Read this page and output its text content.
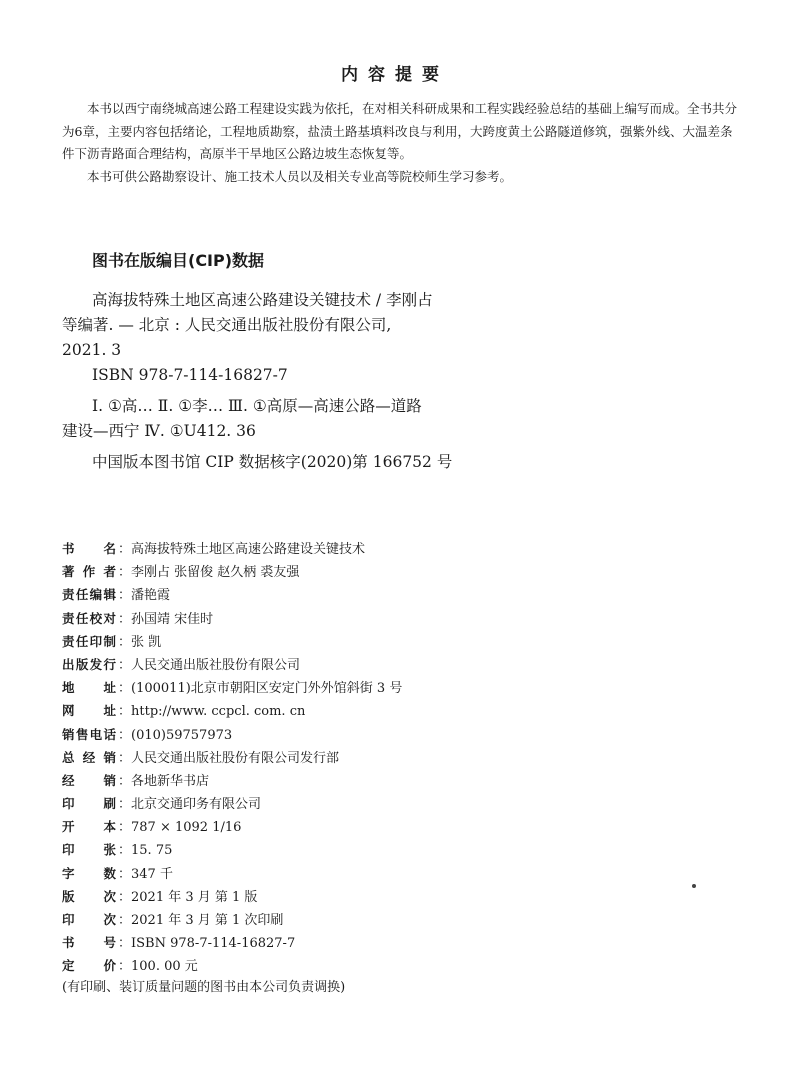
内容提要

本书以西宁南绕城高速公路工程建设实践为依托，在对相关科研成果和工程实践经验总结的基础上编写而成。全书共分为6章，主要内容包括绪论，工程地质勘察，盐渍土路基填料改良与利用，大跨度黄土公路隧道修筑，强紫外线、大温差条件下沥青路面合理结构，高原半干旱地区公路边坡生态恢复等。

本书可供公路勘察设计、施工技术人员以及相关专业高等院校师生学习参考。

图书在版编目(CIP)数据
高海拔特殊土地区高速公路建设关键技术 / 李刚占
等编著. — 北京 : 人民交通出版社股份有限公司,
2021. 3
ISBN 978-7-114-16827-7
Ⅰ. ①高… Ⅱ. ①李… Ⅲ. ①高原—高速公路—道路
建设—西宁 Ⅳ. ①U412. 36
中国版本图书馆 CIP 数据核字(2020)第 166752 号
书 名	： 高海拔特殊土地区高速公路建设关键技术
著 作 者	： 李刚占 张留俊 赵久柄 裘友强
责 任 编 辑	： 潘艳霞
责 任 校 对	： 孙国靖 宋佳时
责 任 印 制	： 张 凯
出 版 发 行	： 人民交通出版社股份有限公司
地 址	： (100011)北京市朝阳区安定门外外馆斜街 3 号
网 址	： http://www. ccpcl. com. cn
销 售 电 话	： (010)59757973
总 经 销	： 人民交通出版社股份有限公司发行部
经 销	： 各地新华书店
印 刷	： 北京交通印务有限公司
开 本	： 787 × 1092 1/16
印 张	： 15. 75
字 数	： 347 千
版 次	： 2021 年 3 月 第 1 版
印 次	： 2021 年 3 月 第 1 次印刷
书 号	： ISBN 978-7-114-16827-7
定 价	： 100. 00 元
(有印刷、装订质量问题的图书由本公司负责调换)
